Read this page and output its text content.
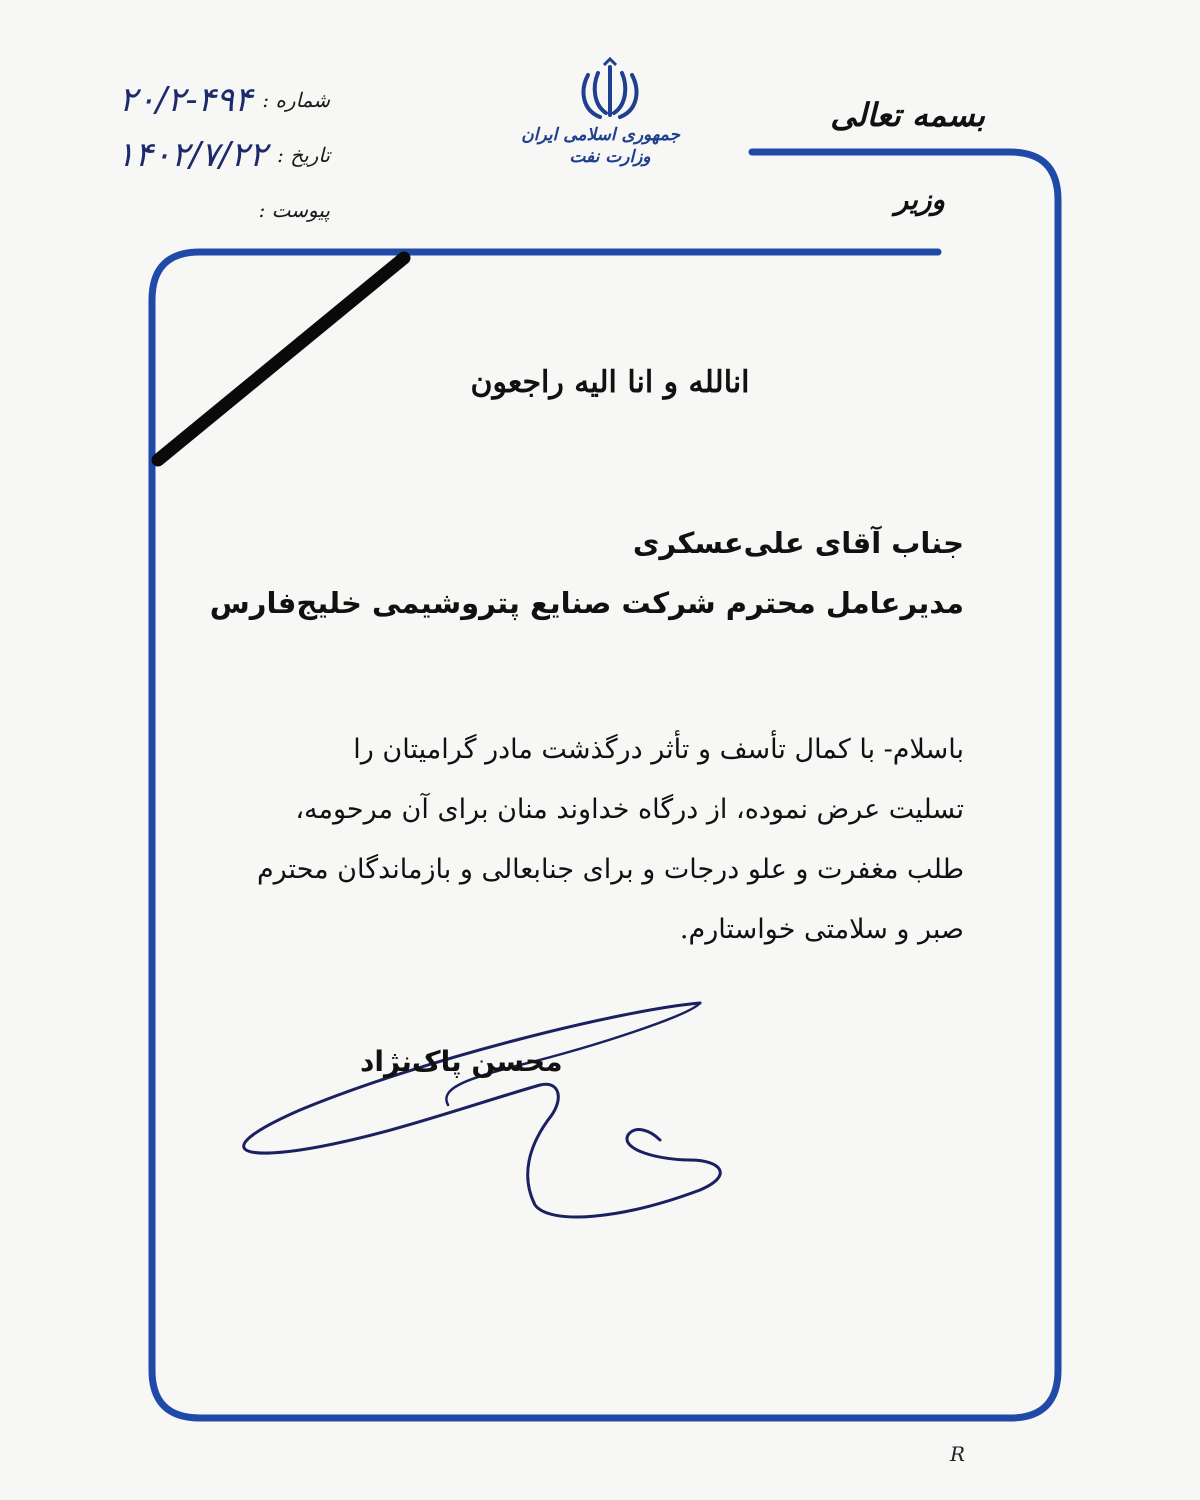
شماره :
۲۰/۲-۴۹۴
تاریخ :
۱۴۰۲/۷/۲۲
پیوست :
جمهوری اسلامی ایران
وزارت نفت
بسمه تعالی
وزیر
انالله و انا الیه راجعون
جناب آقای علی‌عسکری
مدیرعامل محترم شرکت صنایع پتروشیمی خلیج‌فارس
باسلام- با کمال تأسف و تأثر درگذشت مادر گرامیتان را
تسلیت عرض نموده، از درگاه خداوند منان برای آن مرحومه،
طلب مغفرت و علو درجات و برای جنابعالی و بازماندگان محترم
صبر و سلامتی خواستارم.
محسن پاک‌نژاد
R
